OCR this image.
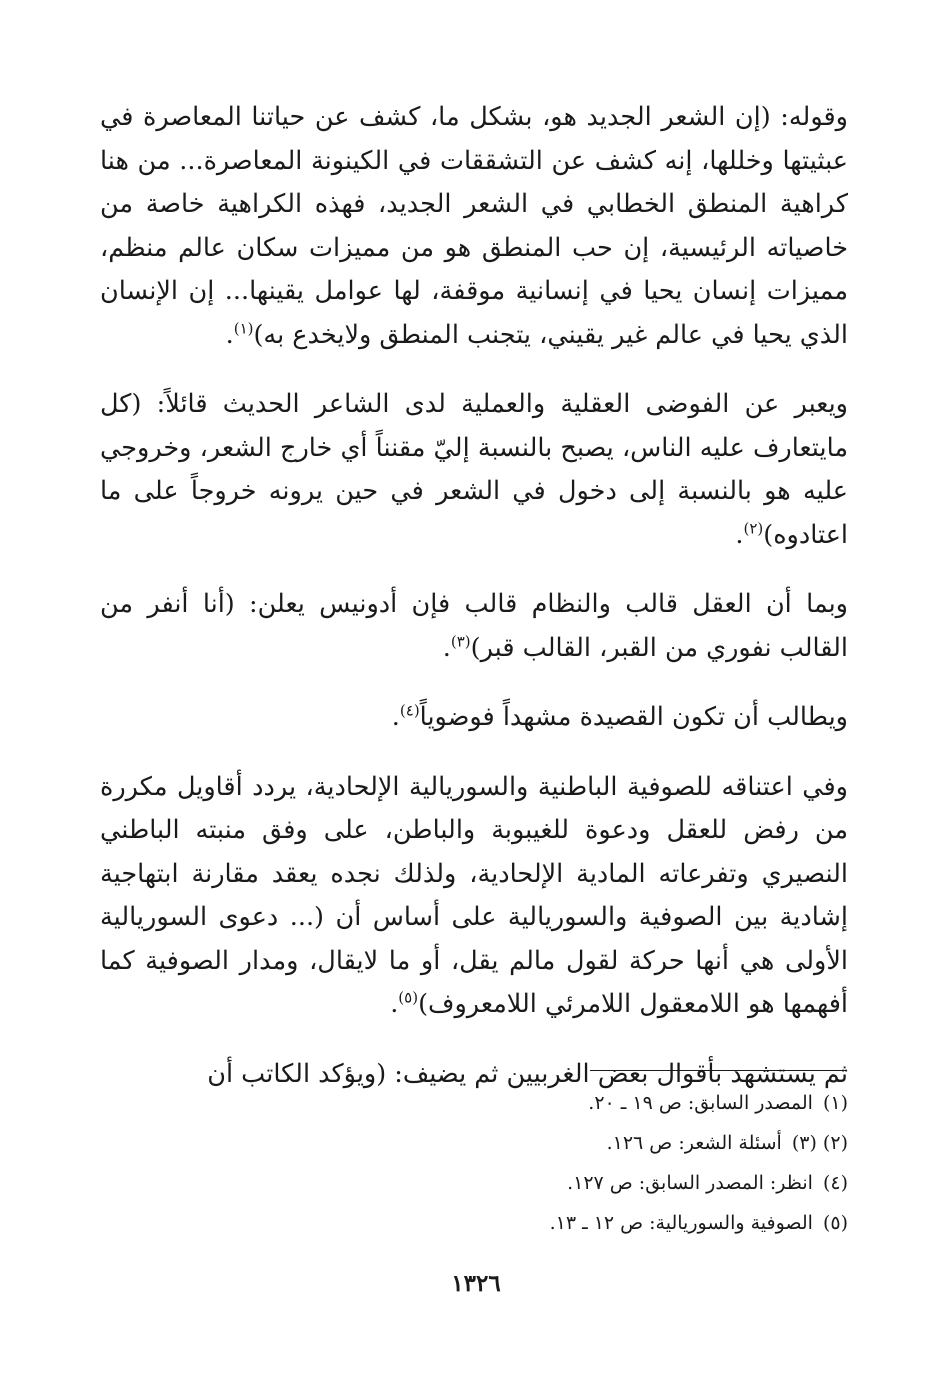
وقوله: (إن الشعر الجديد هو، بشكل ما، كشف عن حياتنا المعاصرة في عبثيتها وخللها، إنه كشف عن التشققات في الكينونة المعاصرة... من هنا كراهية المنطق الخطابي في الشعر الجديد، فهذه الكراهية خاصة من خاصياته الرئيسية، إن حب المنطق هو من مميزات سكان عالم منظم، مميزات إنسان يحيا في إنسانية موقفة، لها عوامل يقينها... إن الإنسان الذي يحيا في عالم غير يقيني، يتجنب المنطق ولايخدع به)$^{(١)}$.

ويعبر عن الفوضى العقلية والعملية لدى الشاعر الحديث قائلاً: (كل مايتعارف عليه الناس، يصبح بالنسبة إليّ مقنناً أي خارج الشعر، وخروجي عليه هو بالنسبة إلى دخول في الشعر في حين يرونه خروجاً على ما اعتادوه)$^{(٢)}$.

وبما أن العقل قالب والنظام قالب فإن أدونيس يعلن: (أنا أنفر من القالب نفوري من القبر، القالب قبر)$^{(٣)}$.

ويطالب أن تكون القصيدة مشهداً فوضوياً$^{(٤)}$.

وفي اعتناقه للصوفية الباطنية والسوريالية الإلحادية، يردد أقاويل مكررة من رفض للعقل ودعوة للغيبوبة والباطن، على وفق منبته الباطني النصيري وتفرعاته المادية الإلحادية، ولذلك نجده يعقد مقارنة ابتهاجية إشادية بين الصوفية والسوريالية على أساس أن (... دعوى السوريالية الأولى هي أنها حركة لقول مالم يقل، أو ما لايقال، ومدار الصوفية كما أفهمها هو اللامعقول اللامرئي اللامعروف)$^{(٥)}$.

ثم يستشهد بأقوال بعض الغربيين ثم يضيف: (ويؤكد الكاتب أن

(١)المصدر السابق: ص ١٩ ـ ٢٠.
(٢) (٣)أسئلة الشعر: ص ١٢٦.
(٤)انظر: المصدر السابق: ص ١٢٧.
(٥)الصوفية والسوريالية: ص ١٢ ـ ١٣.
١٣٢٦
